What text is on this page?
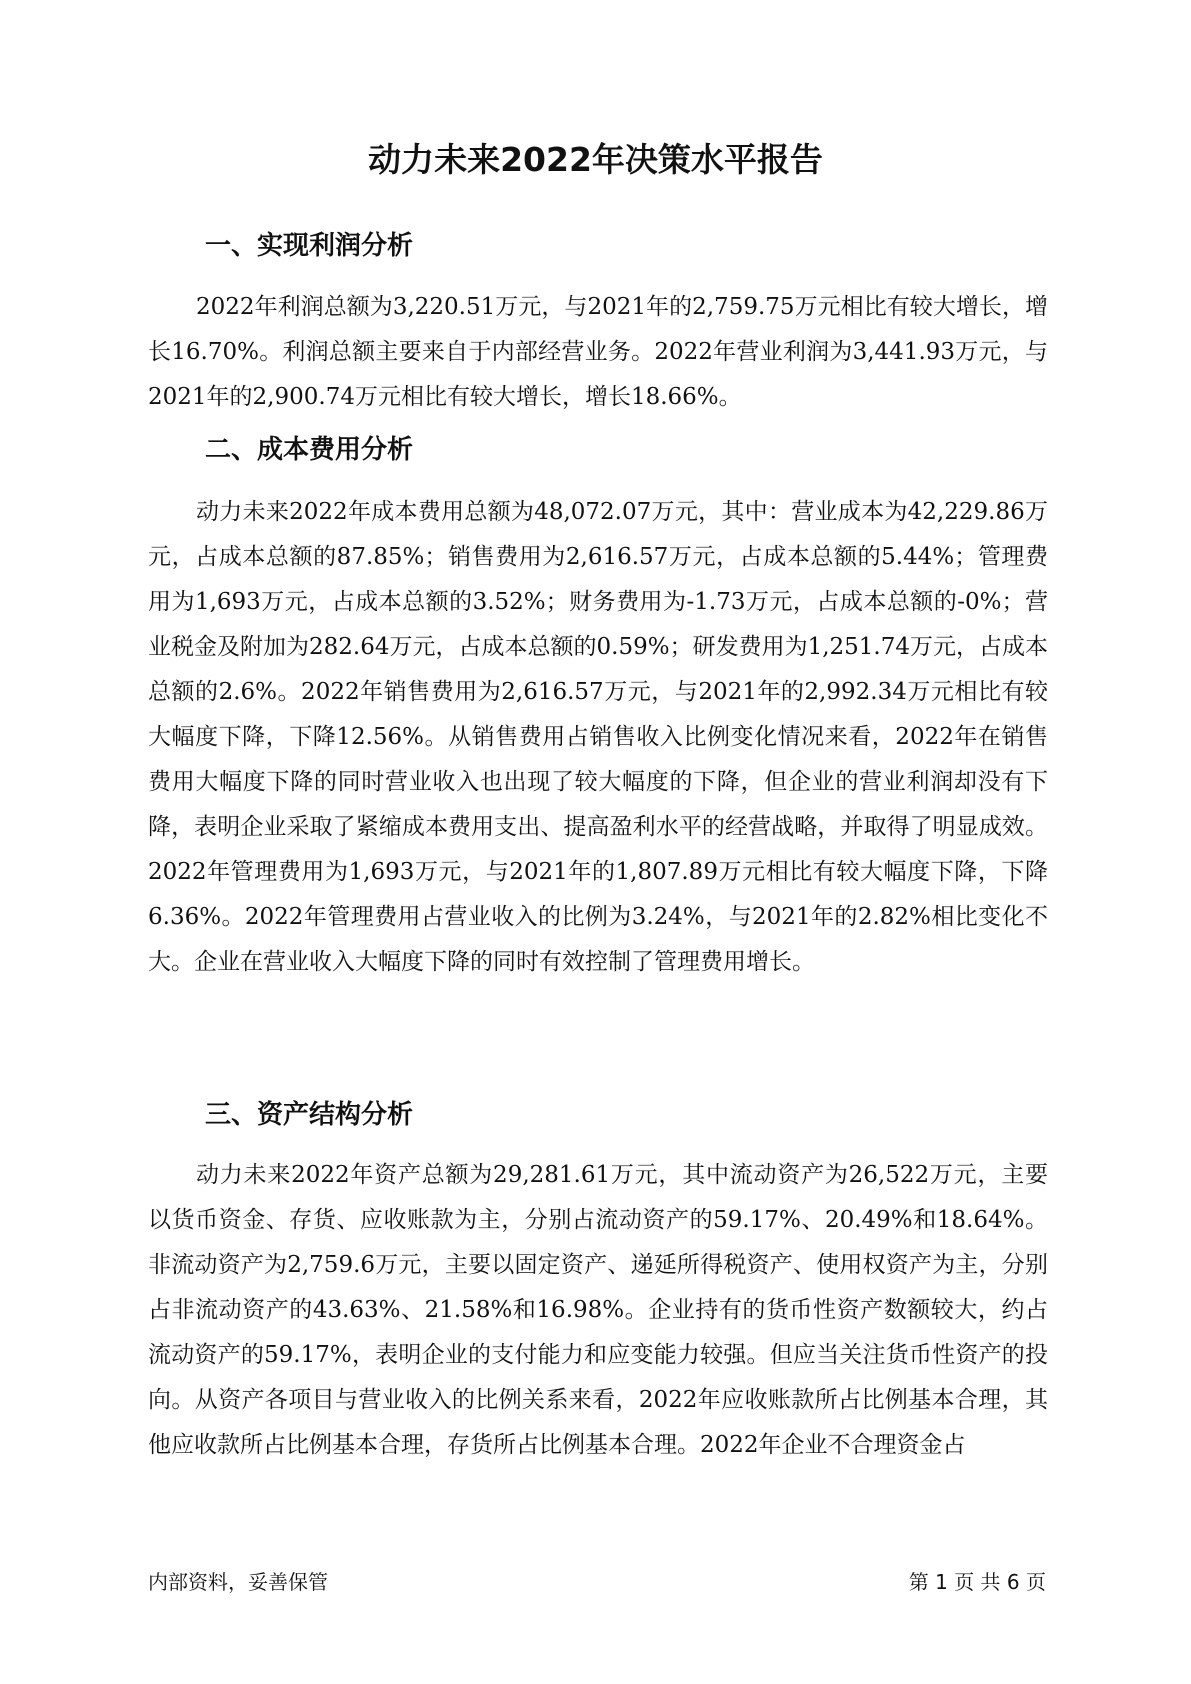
动力未来2022年决策水平报告
一、实现利润分析

2022年利润总额为3,220.51万元，与2021年的2,759.75万元相比有较大增长，增长16.70%。利润总额主要来自于内部经营业务。2022年营业利润为3,441.93万元，与2021年的2,900.74万元相比有较大增长，增长18.66%。

二、成本费用分析

动力未来2022年成本费用总额为48,072.07万元，其中：营业成本为42,229.86万元，占成本总额的87.85%；销售费用为2,616.57万元，占成本总额的5.44%；管理费用为1,693万元，占成本总额的3.52%；财务费用为-1.73万元，占成本总额的-0%；营业税金及附加为282.64万元，占成本总额的0.59%；研发费用为1,251.74万元，占成本总额的2.6%。2022年销售费用为2,616.57万元，与2021年的2,992.34万元相比有较大幅度下降，下降12.56%。从销售费用占销售收入比例变化情况来看，2022年在销售费用大幅度下降的同时营业收入也出现了较大幅度的下降，但企业的营业利润却没有下降，表明企业采取了紧缩成本费用支出、提高盈利水平的经营战略，并取得了明显成效。2022年管理费用为1,693万元，与2021年的1,807.89万元相比有较大幅度下降，下降6.36%。2022年管理费用占营业收入的比例为3.24%，与2021年的2.82%相比变化不大。企业在营业收入大幅度下降的同时有效控制了管理费用增长。

三、资产结构分析

动力未来2022年资产总额为29,281.61万元，其中流动资产为26,522万元，主要以货币资金、存货、应收账款为主，分别占流动资产的59.17%、20.49%和18.64%。非流动资产为2,759.6万元，主要以固定资产、递延所得税资产、使用权资产为主，分别占非流动资产的43.63%、21.58%和16.98%。企业持有的货币性资产数额较大，约占流动资产的59.17%，表明企业的支付能力和应变能力较强。但应当关注货币性资产的投向。从资产各项目与营业收入的比例关系来看，2022年应收账款所占比例基本合理，其他应收款所占比例基本合理，存货所占比例基本合理。2022年企业不合理资金占

内部资料，妥善保管	第 1 页 共 6 页
